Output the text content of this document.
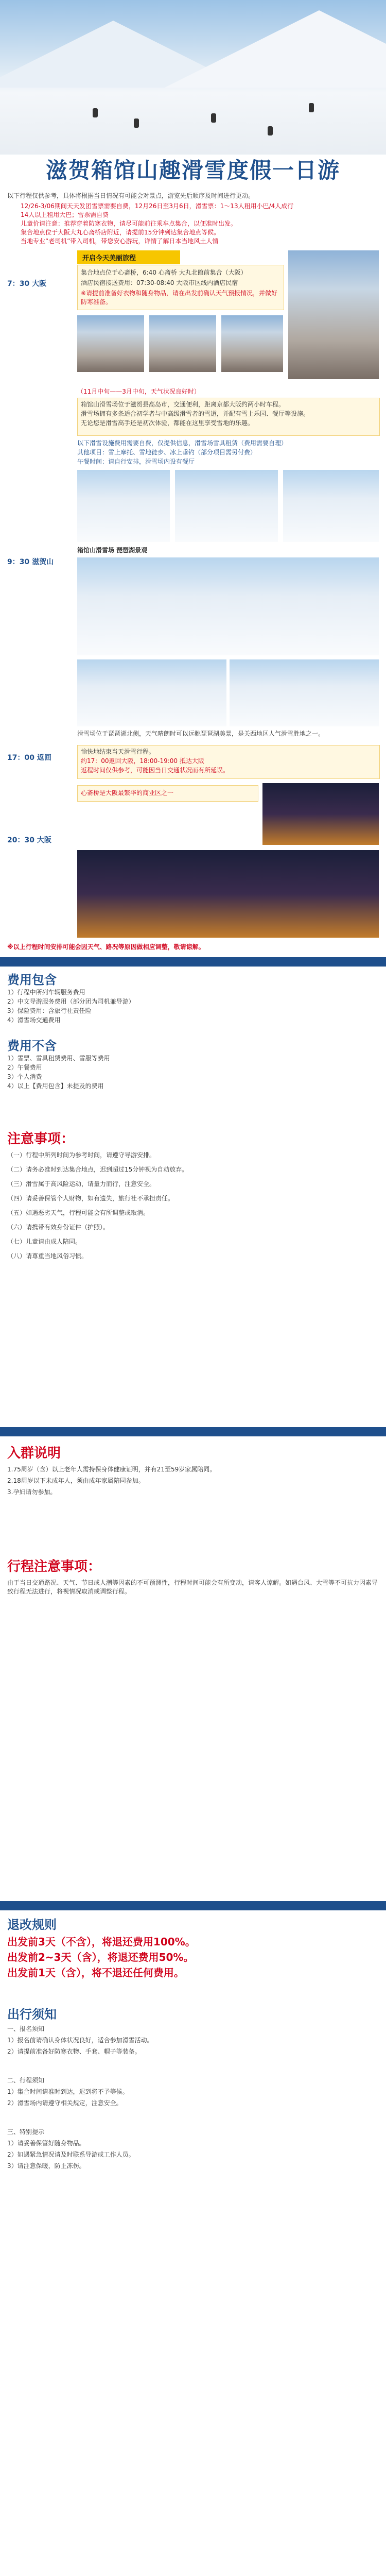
滋贺箱馆山趣滑雪度假一日游
以下行程仅供参考，具体将根据当日情况有可能会对景点，游览先后顺序及时间进行更动。
12/26-3/06期间天天发团雪票需要自费，12月26日至3月6日，滑雪票：1～13人租用小巴/4人成行
14人以上租用大巴；雪票需自费
儿童价请注意：推荐穿着防寒衣物，请尽可能前往乘车点集合，以便准时出发。
集合地点位于大阪大丸心斋桥店附近，请提前15分钟到达集合地点等候。
当地专业“老司机”带入司机，带您安心游玩，详情了解日本当地风土人情
7：30 大阪
开启今天美丽旅程
集合地点位于心斋桥，6:40 心斋桥 大丸北館前集合（大阪）
酒店民宿接送费用：07:30-08:40 大阪市区线内酒店民宿
※请提前准备好衣物和随身物品，请在出发前确认天气预报情况，并做好防寒准备。
9：30 滋贺山
（11月中旬——3月中旬，天气状况良好时）
箱馆山滑雪场位于滋贺县高岛市，交通便利，距离京都大阪约两小时车程。
滑雪场拥有多条适合初学者与中高级滑雪者的雪道，并配有雪上乐园、餐厅等设施。
无论您是滑雪高手还是初次体验，都能在这里享受雪地的乐趣。
以下滑雪设施费用需要自费，仅提供信息，滑雪场雪具租赁（费用需要自理）
其他项目：雪上摩托、雪地徒步、冰上垂钓（部分项目需另付费）
午餐时间：请自行安排，滑雪场内设有餐厅
箱馆山滑雪场 琵琶湖景观
滑雪场位于琵琶湖北侧，天气晴朗时可以远眺琵琶湖美景，是关西地区人气滑雪胜地之一。
17：00 返回
愉快地结束当天滑雪行程。
约17：00返回大阪，18:00-19:00 抵达大阪
返程时间仅供参考，可能因当日交通状况而有所延误。
20：30 大阪
心斋桥是大阪最繁华的商业区之一
※以上行程时间安排可能会因天气、路况等原因做相应调整，敬请谅解。
费用包含
1）行程中所列车辆服务费用
2）中文导游服务费用（部分团为司机兼导游）
3）保险费用：含旅行社责任险
4）滑雪场交通费用
费用不含
1）雪票、雪具租赁费用、雪服等费用
2）午餐费用
3）个人消费
4）以上【费用包含】未提及的费用
注意事项：
（一）行程中所列时间为参考时间，请遵守导游安排。
（二）请务必准时到达集合地点，迟到超过15分钟视为自动放弃。
（三）滑雪属于高风险运动，请量力而行，注意安全。
（四）请妥善保管个人财物，如有遗失，旅行社不承担责任。
（五）如遇恶劣天气，行程可能会有所调整或取消。
（六）请携带有效身份证件（护照）。
（七）儿童请由成人陪同。
（八）请尊重当地风俗习惯。
入群说明
1.75周岁（含）以上老年人需持保身体健康证明，并有21至59岁家属陪同。
2.18周岁以下未成年人，须由成年家属陪同参加。
3.孕妇请勿参加。
行程注意事项：
由于当日交通路况、天气、节日或人潮等因素的不可预测性，行程时间可能会有所变动，请客人谅解。如遇台风、大雪等不可抗力因素导致行程无法进行，将视情况取消或调整行程。
退改规则
出发前3天（不含），将退还费用100%。
出发前2~3天（含），将退还费用50%。
出发前1天（含），将不退还任何费用。
出行须知
一、报名须知
1）报名前请确认身体状况良好，适合参加滑雪活动。
2）请提前准备好防寒衣物、手套、帽子等装备。
二、行程须知
1）集合时间请准时到达，迟到将不予等候。
2）滑雪场内请遵守相关规定，注意安全。
三、特别提示
1）请妥善保管好随身物品。
2）如遇紧急情况请及时联系导游或工作人员。
3）请注意保暖，防止冻伤。
